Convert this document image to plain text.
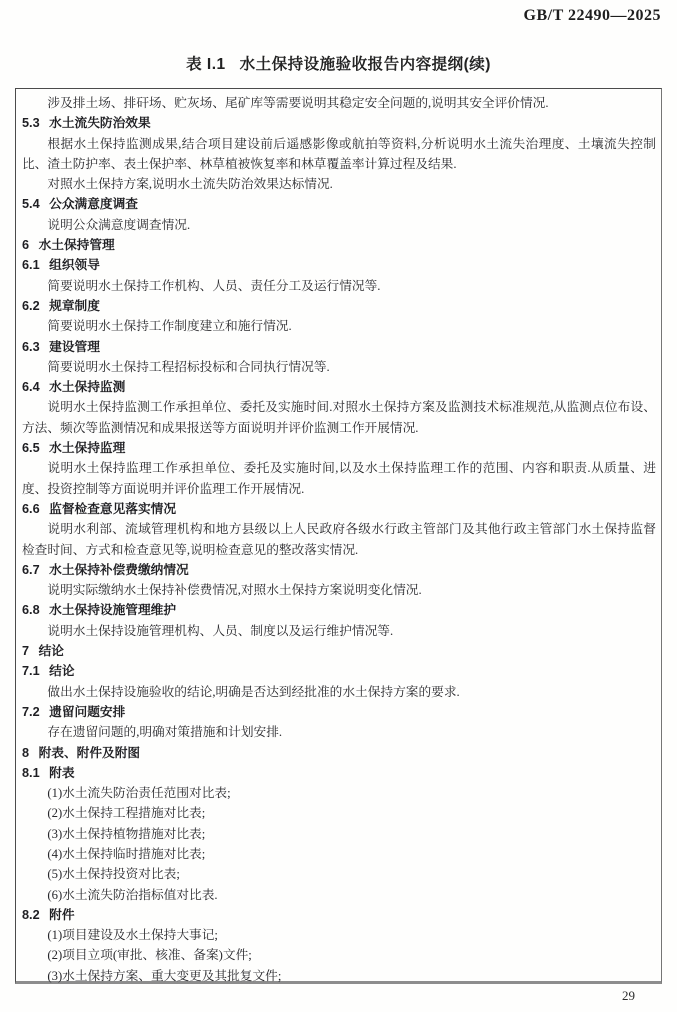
GB/T 22490—2025
表 I.1 水土保持设施验收报告内容提纲(续)
涉及排土场、排矸场、贮灰场、尾矿库等需要说明其稳定安全问题的,说明其安全评价情况.
5.3 水土流失防治效果
根据水土保持监测成果,结合项目建设前后遥感影像或航拍等资料,分析说明水土流失治理度、土壤流失控制比、渣土防护率、表土保护率、林草植被恢复率和林草覆盖率计算过程及结果.
对照水土保持方案,说明水土流失防治效果达标情况.
5.4 公众满意度调查
说明公众满意度调查情况.
6 水土保持管理
6.1 组织领导
简要说明水土保持工作机构、人员、责任分工及运行情况等.
6.2 规章制度
简要说明水土保持工作制度建立和施行情况.
6.3 建设管理
简要说明水土保持工程招标投标和合同执行情况等.
6.4 水土保持监测
说明水土保持监测工作承担单位、委托及实施时间.对照水土保持方案及监测技术标准规范,从监测点位布设、方法、频次等监测情况和成果报送等方面说明并评价监测工作开展情况.
6.5 水土保持监理
说明水土保持监理工作承担单位、委托及实施时间,以及水土保持监理工作的范围、内容和职责.从质量、进度、投资控制等方面说明并评价监理工作开展情况.
6.6 监督检查意见落实情况
说明水利部、流域管理机构和地方县级以上人民政府各级水行政主管部门及其他行政主管部门水土保持监督检查时间、方式和检查意见等,说明检查意见的整改落实情况.
6.7 水土保持补偿费缴纳情况
说明实际缴纳水土保持补偿费情况,对照水土保持方案说明变化情况.
6.8 水土保持设施管理维护
说明水土保持设施管理机构、人员、制度以及运行维护情况等.
7 结论
7.1 结论
做出水土保持设施验收的结论,明确是否达到经批准的水土保持方案的要求.
7.2 遗留问题安排
存在遗留问题的,明确对策措施和计划安排.
8 附表、附件及附图
8.1 附表
(1)水土流失防治责任范围对比表;
(2)水土保持工程措施对比表;
(3)水土保持植物措施对比表;
(4)水土保持临时措施对比表;
(5)水土保持投资对比表;
(6)水土流失防治指标值对比表.
8.2 附件
(1)项目建设及水土保持大事记;
(2)项目立项(审批、核准、备案)文件;
(3)水土保持方案、重大变更及其批复文件;
29
